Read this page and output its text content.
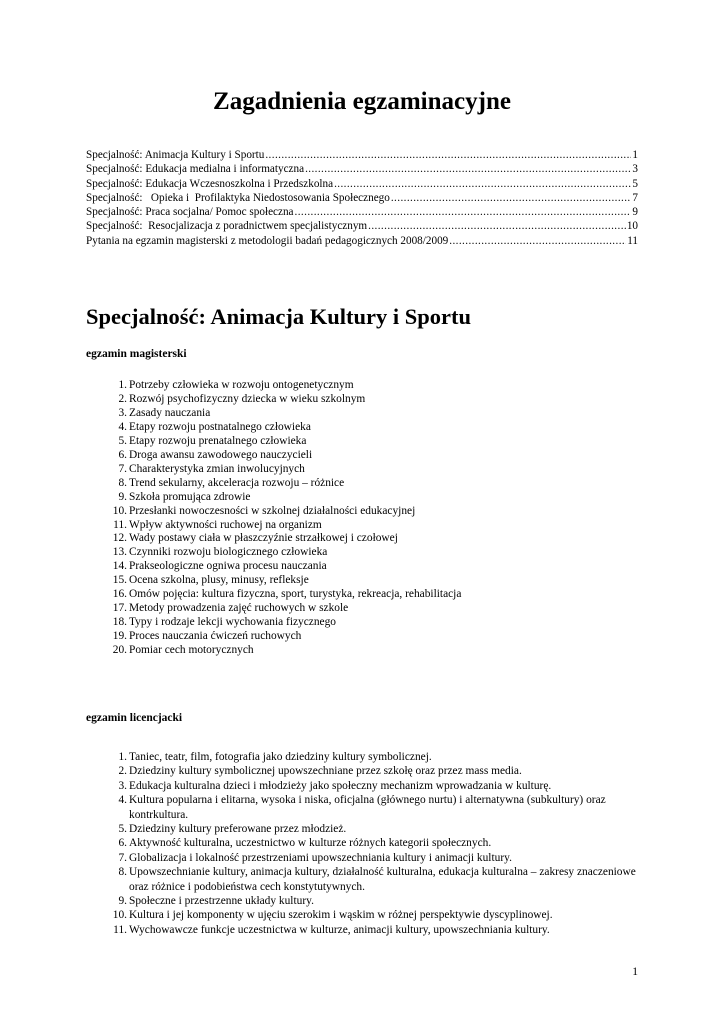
Zagadnienia egzaminacyjne
Specjalność: Animacja Kultury i Sportu .....	1
Specjalność: Edukacja medialna i informatyczna .....	3
Specjalność: Edukacja Wczesnoszkolna i Przedszkolna .....	5
Specjalność:   Opieka i  Profilaktyka Niedostosowania Społecznego .....	7
Specjalność: Praca socjalna/ Pomoc społeczna .....	9
Specjalność:  Resocjalizacja z poradnictwem specjalistycznym .....	10
Pytania na egzamin magisterski z metodologii badań pedagogicznych 2008/2009 .....	11
Specjalność: Animacja Kultury i Sportu
egzamin magisterski
1. Potrzeby człowieka w rozwoju ontogenetycznym
2. Rozwój psychofizyczny dziecka w wieku szkolnym
3. Zasady nauczania
4. Etapy rozwoju postnatalnego człowieka
5. Etapy rozwoju prenatalnego człowieka
6. Droga awansu zawodowego nauczycieli
7. Charakterystyka zmian inwolucyjnych
8. Trend sekularny, akceleracja rozwoju – różnice
9. Szkoła promująca zdrowie
10. Przesłanki nowoczesności w szkolnej działalności edukacyjnej
11. Wpływ aktywności ruchowej na organizm
12. Wady postawy ciała w płaszczyźnie strzałkowej i czołowej
13. Czynniki rozwoju biologicznego człowieka
14. Prakseologiczne ogniwa procesu nauczania
15. Ocena szkolna, plusy, minusy, refleksje
16. Omów pojęcia: kultura fizyczna, sport, turystyka, rekreacja, rehabilitacja
17. Metody prowadzenia zajęć ruchowych w szkole
18. Typy i rodzaje lekcji wychowania fizycznego
19. Proces nauczania ćwiczeń ruchowych
20. Pomiar cech motorycznych
egzamin licencjacki
1. Taniec, teatr, film, fotografia jako dziedziny kultury symbolicznej.
2. Dziedziny kultury symbolicznej upowszechniane przez szkołę oraz przez mass media.
3. Edukacja kulturalna dzieci i młodzieży jako społeczny mechanizm wprowadzania w kulturę.
4. Kultura popularna i elitarna, wysoka i niska, oficjalna (głównego nurtu) i alternatywna (subkultury) oraz kontrkultura.
5. Dziedziny kultury preferowane przez młodzież.
6. Aktywność kulturalna, uczestnictwo w kulturze różnych kategorii społecznych.
7. Globalizacja i lokalność przestrzeniami upowszechniania kultury i animacji kultury.
8. Upowszechnianie kultury, animacja kultury, działalność kulturalna, edukacja kulturalna – zakresy znaczeniowe oraz różnice i podobieństwa cech konstytutywnych.
9. Społeczne i przestrzenne układy kultury.
10. Kultura i jej komponenty w ujęciu szerokim i wąskim w różnej perspektywie dyscyplinowej.
11. Wychowawcze funkcje uczestnictwa w kulturze, animacji kultury, upowszechniania kultury.
1
